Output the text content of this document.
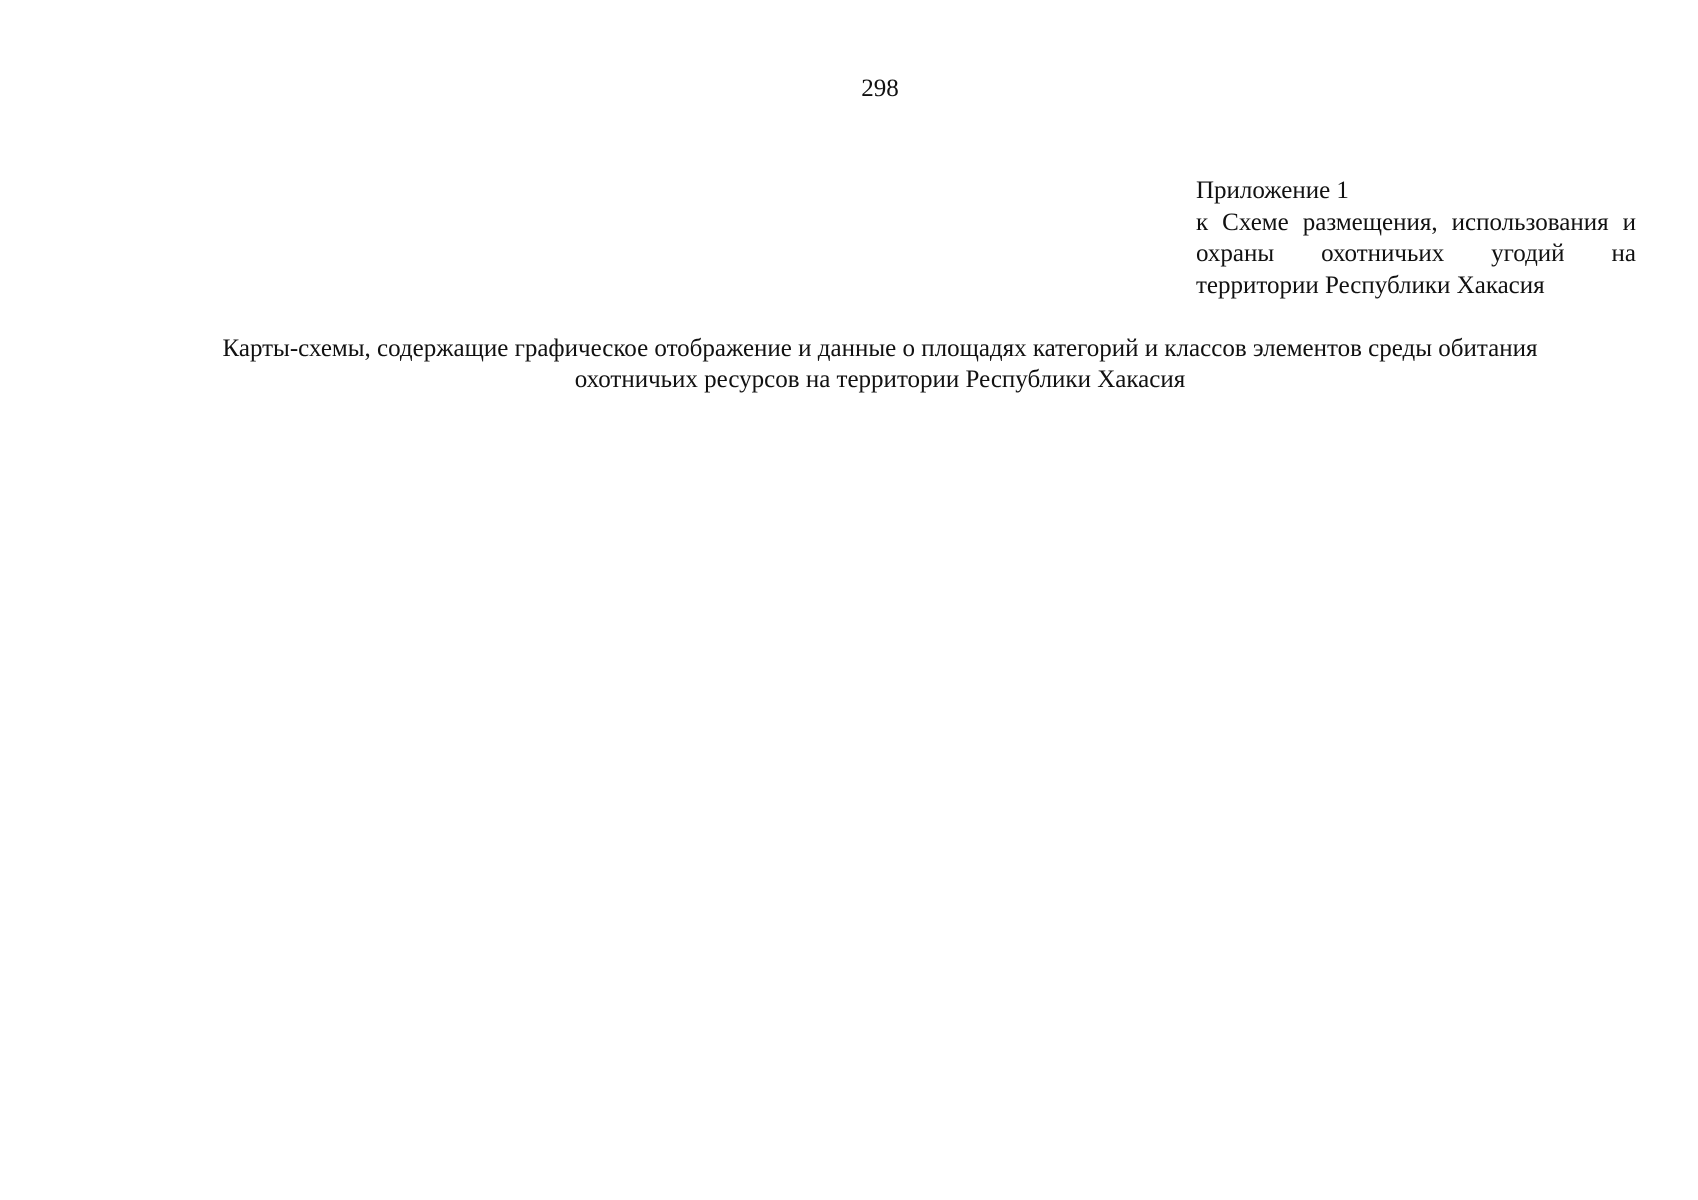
298
Приложение 1
к Схеме размещения, использования и охраны охотничьих угодий на территории Республики Хакасия
Карты-схемы, содержащие графическое отображение и данные о площадях категорий и классов элементов среды обитания
охотничьих ресурсов на территории Республики Хакасия
